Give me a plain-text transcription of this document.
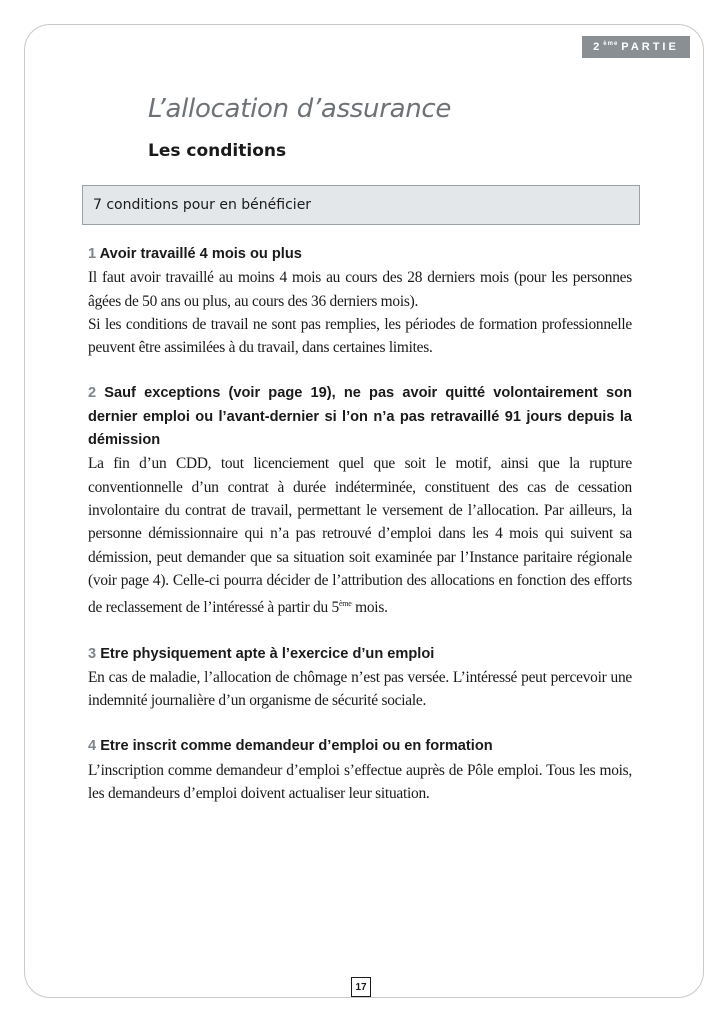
2ème PARTIE
L’allocation d’assurance
Les conditions
7 conditions pour en bénéficier
1 Avoir travaillé 4 mois ou plus
Il faut avoir travaillé au moins 4 mois au cours des 28 derniers mois (pour les personnes âgées de 50 ans ou plus, au cours des 36 derniers mois).
Si les conditions de travail ne sont pas remplies, les périodes de formation professionnelle peuvent être assimilées à du travail, dans certaines limites.
2 Sauf exceptions (voir page 19), ne pas avoir quitté volontairement son dernier emploi ou l’avant-dernier si l’on n’a pas retravaillé 91 jours depuis la démission
La fin d’un CDD, tout licenciement quel que soit le motif, ainsi que la rupture conventionnelle d’un contrat à durée indéterminée, constituent des cas de cessation involontaire du contrat de travail, permettant le versement de l’allocation. Par ailleurs, la personne démissionnaire qui n’a pas retrouvé d’emploi dans les 4 mois qui suivent sa démission, peut demander que sa situation soit examinée par l’Instance paritaire régionale (voir page 4). Celle-ci pourra décider de l’attribution des allocations en fonction des efforts de reclassement de l’intéressé à partir du 5ème mois.
3 Etre physiquement apte à l’exercice d’un emploi
En cas de maladie, l’allocation de chômage n’est pas versée. L’intéressé peut percevoir une indemnité journalière d’un organisme de sécurité sociale.
4 Etre inscrit comme demandeur d’emploi ou en formation
L’inscription comme demandeur d’emploi s’effectue auprès de Pôle emploi. Tous les mois, les demandeurs d’emploi doivent actualiser leur situation.
17
